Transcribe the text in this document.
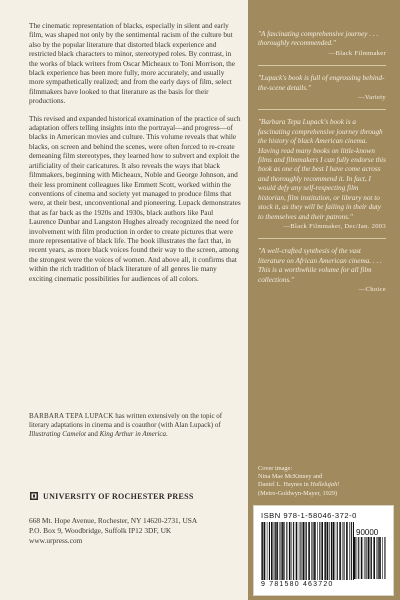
The cinematic representation of blacks, especially in silent and early film, was shaped not only by the sentimental racism of the culture but also by the popular literature that distorted black experience and restricted black characters to minor, stereotyped roles. By contrast, in the works of black writers from Oscar Micheaux to Toni Morrison, the black experience has been more fully, more accurately, and usually more sympathetically realized; and from the early days of film, select filmmakers have looked to that literature as the basis for their productions.

This revised and expanded historical examination of the practice of such adaptation offers telling insights into the portrayal—and progress—of blacks in American movies and culture. This volume reveals that while blacks, on screen and behind the scenes, were often forced to re-create demeaning film stereotypes, they learned how to subvert and exploit the artificiality of their caricatures. It also reveals the ways that black filmmakers, beginning with Micheaux, Noble and George Johnson, and their less prominent colleagues like Emmett Scott, worked within the conventions of cinema and society yet managed to produce films that were, at their best, unconventional and pioneering. Lupack demonstrates that as far back as the 1920s and 1930s, black authors like Paul Laurence Dunbar and Langston Hughes already recognized the need for involvement with film production in order to create pictures that were more representative of black life. The book illustrates the fact that, in recent years, as more black voices found their way to the screen, among the strongest were the voices of women. And above all, it confirms that within the rich tradition of black literature of all genres lie many exciting cinematic possibilities for audiences of all colors.

BARBARA TEPA LUPACK has written extensively on the topic of literary adaptations in cinema and is coauthor (with Alan Lupack) of Illustrating Camelot and King Arthur in America.
UNIVERSITY OF ROCHESTER PRESS
668 Mt. Hope Avenue, Rochester, NY 14620-2731, USA
P.O. Box 9, Woodbridge, Suffolk IP12 3DF, UK
www.urpress.com
"A fascinating comprehensive journey . . . thoroughly recommended."
—Black Filmmaker
"Lupack's book is full of engrossing behind-the-scene details."
—Variety
"Barbara Tepa Lupack's book is a fascinating comprehensive journey through the history of black American cinema. Having read many books on little-known films and filmmakers I can fully endorse this book as one of the best I have come across and thoroughly recommend it. In fact, I would defy any self-respecting film historian, film institution, or library not to stock it, as they will be failing in their duty to themselves and their patrons."
—Black Filmmaker, Dec/Jan. 2003
"A well-crafted synthesis of the vast literature on African American cinema. . . . This is a worthwhile volume for all film collections."
—Choice
Cover image:
Nina Mae McKinney and
Daniel L. Haynes in Hallelujah!
(Metro-Goldwyn-Mayer, 1929)
ISBN 978-1-58046-372-0
90000
9 781580 463720
